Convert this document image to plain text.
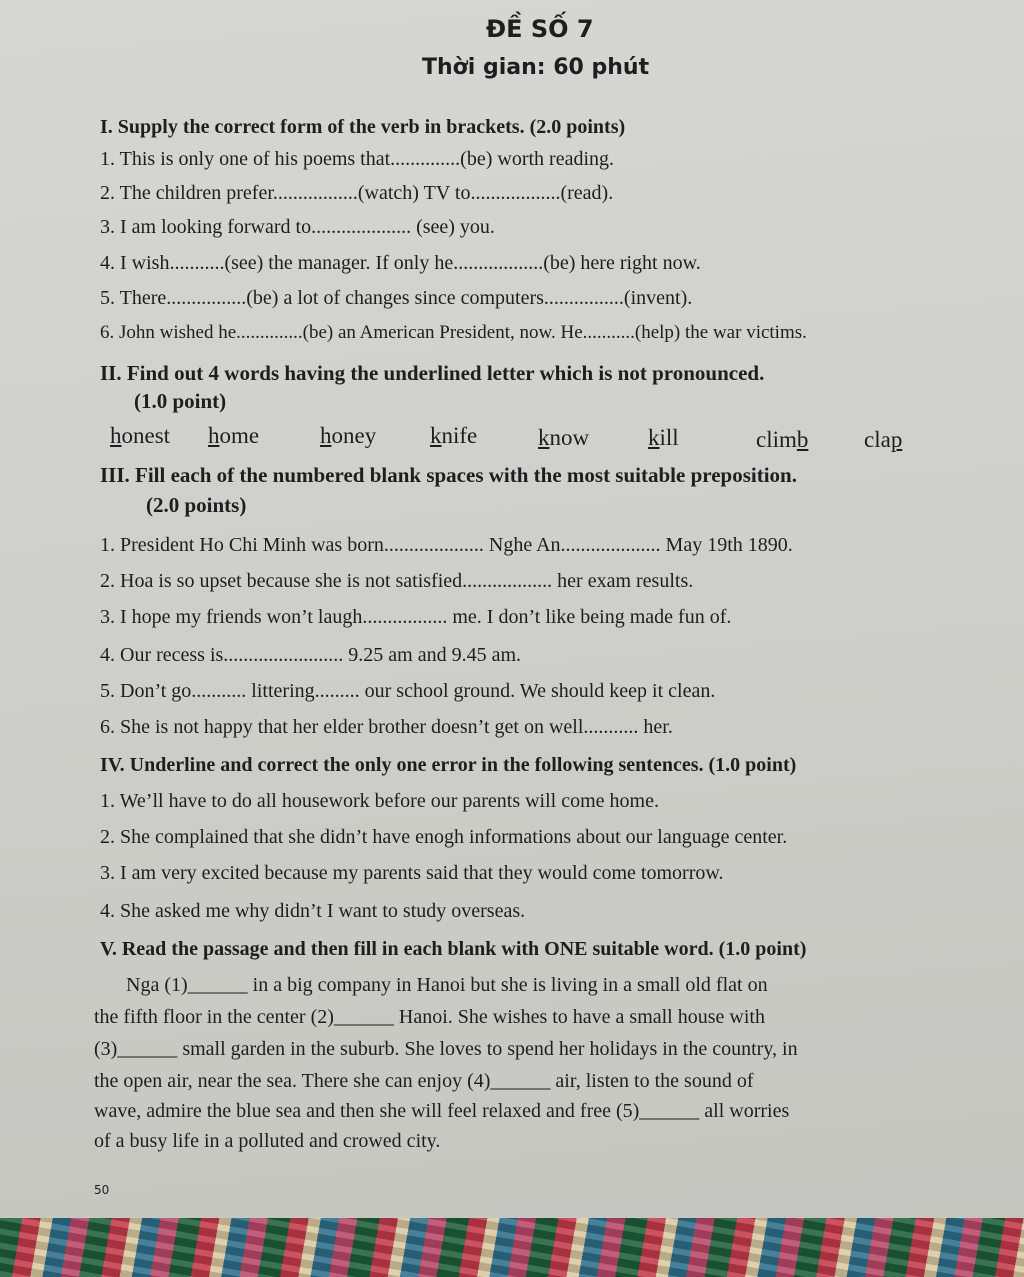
ĐỀ SỐ 7
Thời gian: 60 phút
I. Supply the correct form of the verb in brackets. (2.0 points)
1. This is only one of his poems that..............(be) worth reading.
2. The children prefer.................(watch) TV to..................(read).
3. I am looking forward to.................... (see) you.
4. I wish...........(see) the manager. If only he..................(be) here right now.
5. There................(be) a lot of changes since computers................(invent).
6. John wished he..............(be) an American President, now. He...........(help) the war victims.
II. Find out 4 words having the underlined letter which is not pronounced.
(1.0 point)
honest home	honey knife	know	kill	climb clap
III. Fill each of the numbered blank spaces with the most suitable preposition.
(2.0 points)
1. President Ho Chi Minh was born.................... Nghe An.................... May 19th 1890.
2. Hoa is so upset because she is not satisfied.................. her exam results.
3. I hope my friends won’t laugh................. me. I don’t like being made fun of.
4. Our recess is........................ 9.25 am and 9.45 am.
5. Don’t go........... littering......... our school ground. We should keep it clean.
6. She is not happy that her elder brother doesn’t get on well........... her.
IV. Underline and correct the only one error in the following sentences. (1.0 point)
1. We’ll have to do all housework before our parents will come home.
2. She complained that she didn’t have enogh informations about our language center.
3. I am very excited because my parents said that they would come tomorrow.
4. She asked me why didn’t I want to study overseas.
V. Read the passage and then fill in each blank with ONE suitable word. (1.0 point)
Nga (1)______ in a big company in Hanoi but she is living in a small old flat on
the fifth floor in the center (2)______ Hanoi. She wishes to have a small house with
(3)______ small garden in the suburb. She loves to spend her holidays in the country, in
the open air, near the sea. There she can enjoy (4)______ air, listen to the sound of
wave, admire the blue sea and then she will feel relaxed and free (5)______ all worries
of a busy life in a polluted and crowed city.
50
